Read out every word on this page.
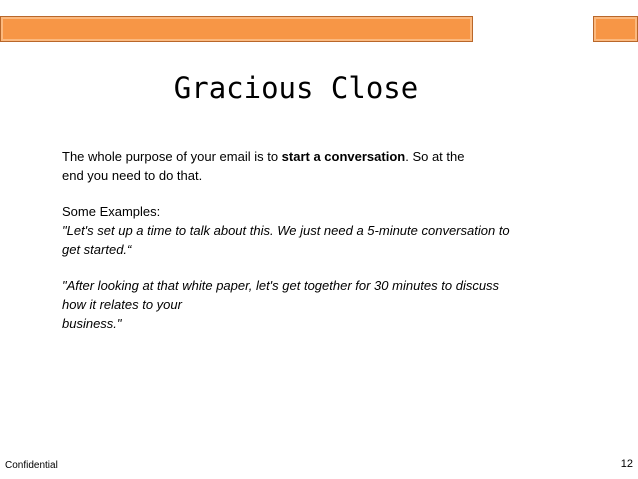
Gracious Close

The whole purpose of your email is to start a conversation. So at the

end you need to do that.

Some Examples:

"Let's set up a time to talk about this. We just need a 5-minute conversation to

get started.“

"After looking at that white paper, let's get together for 30 minutes to discuss

how it relates to your

business."

Confidential	12
